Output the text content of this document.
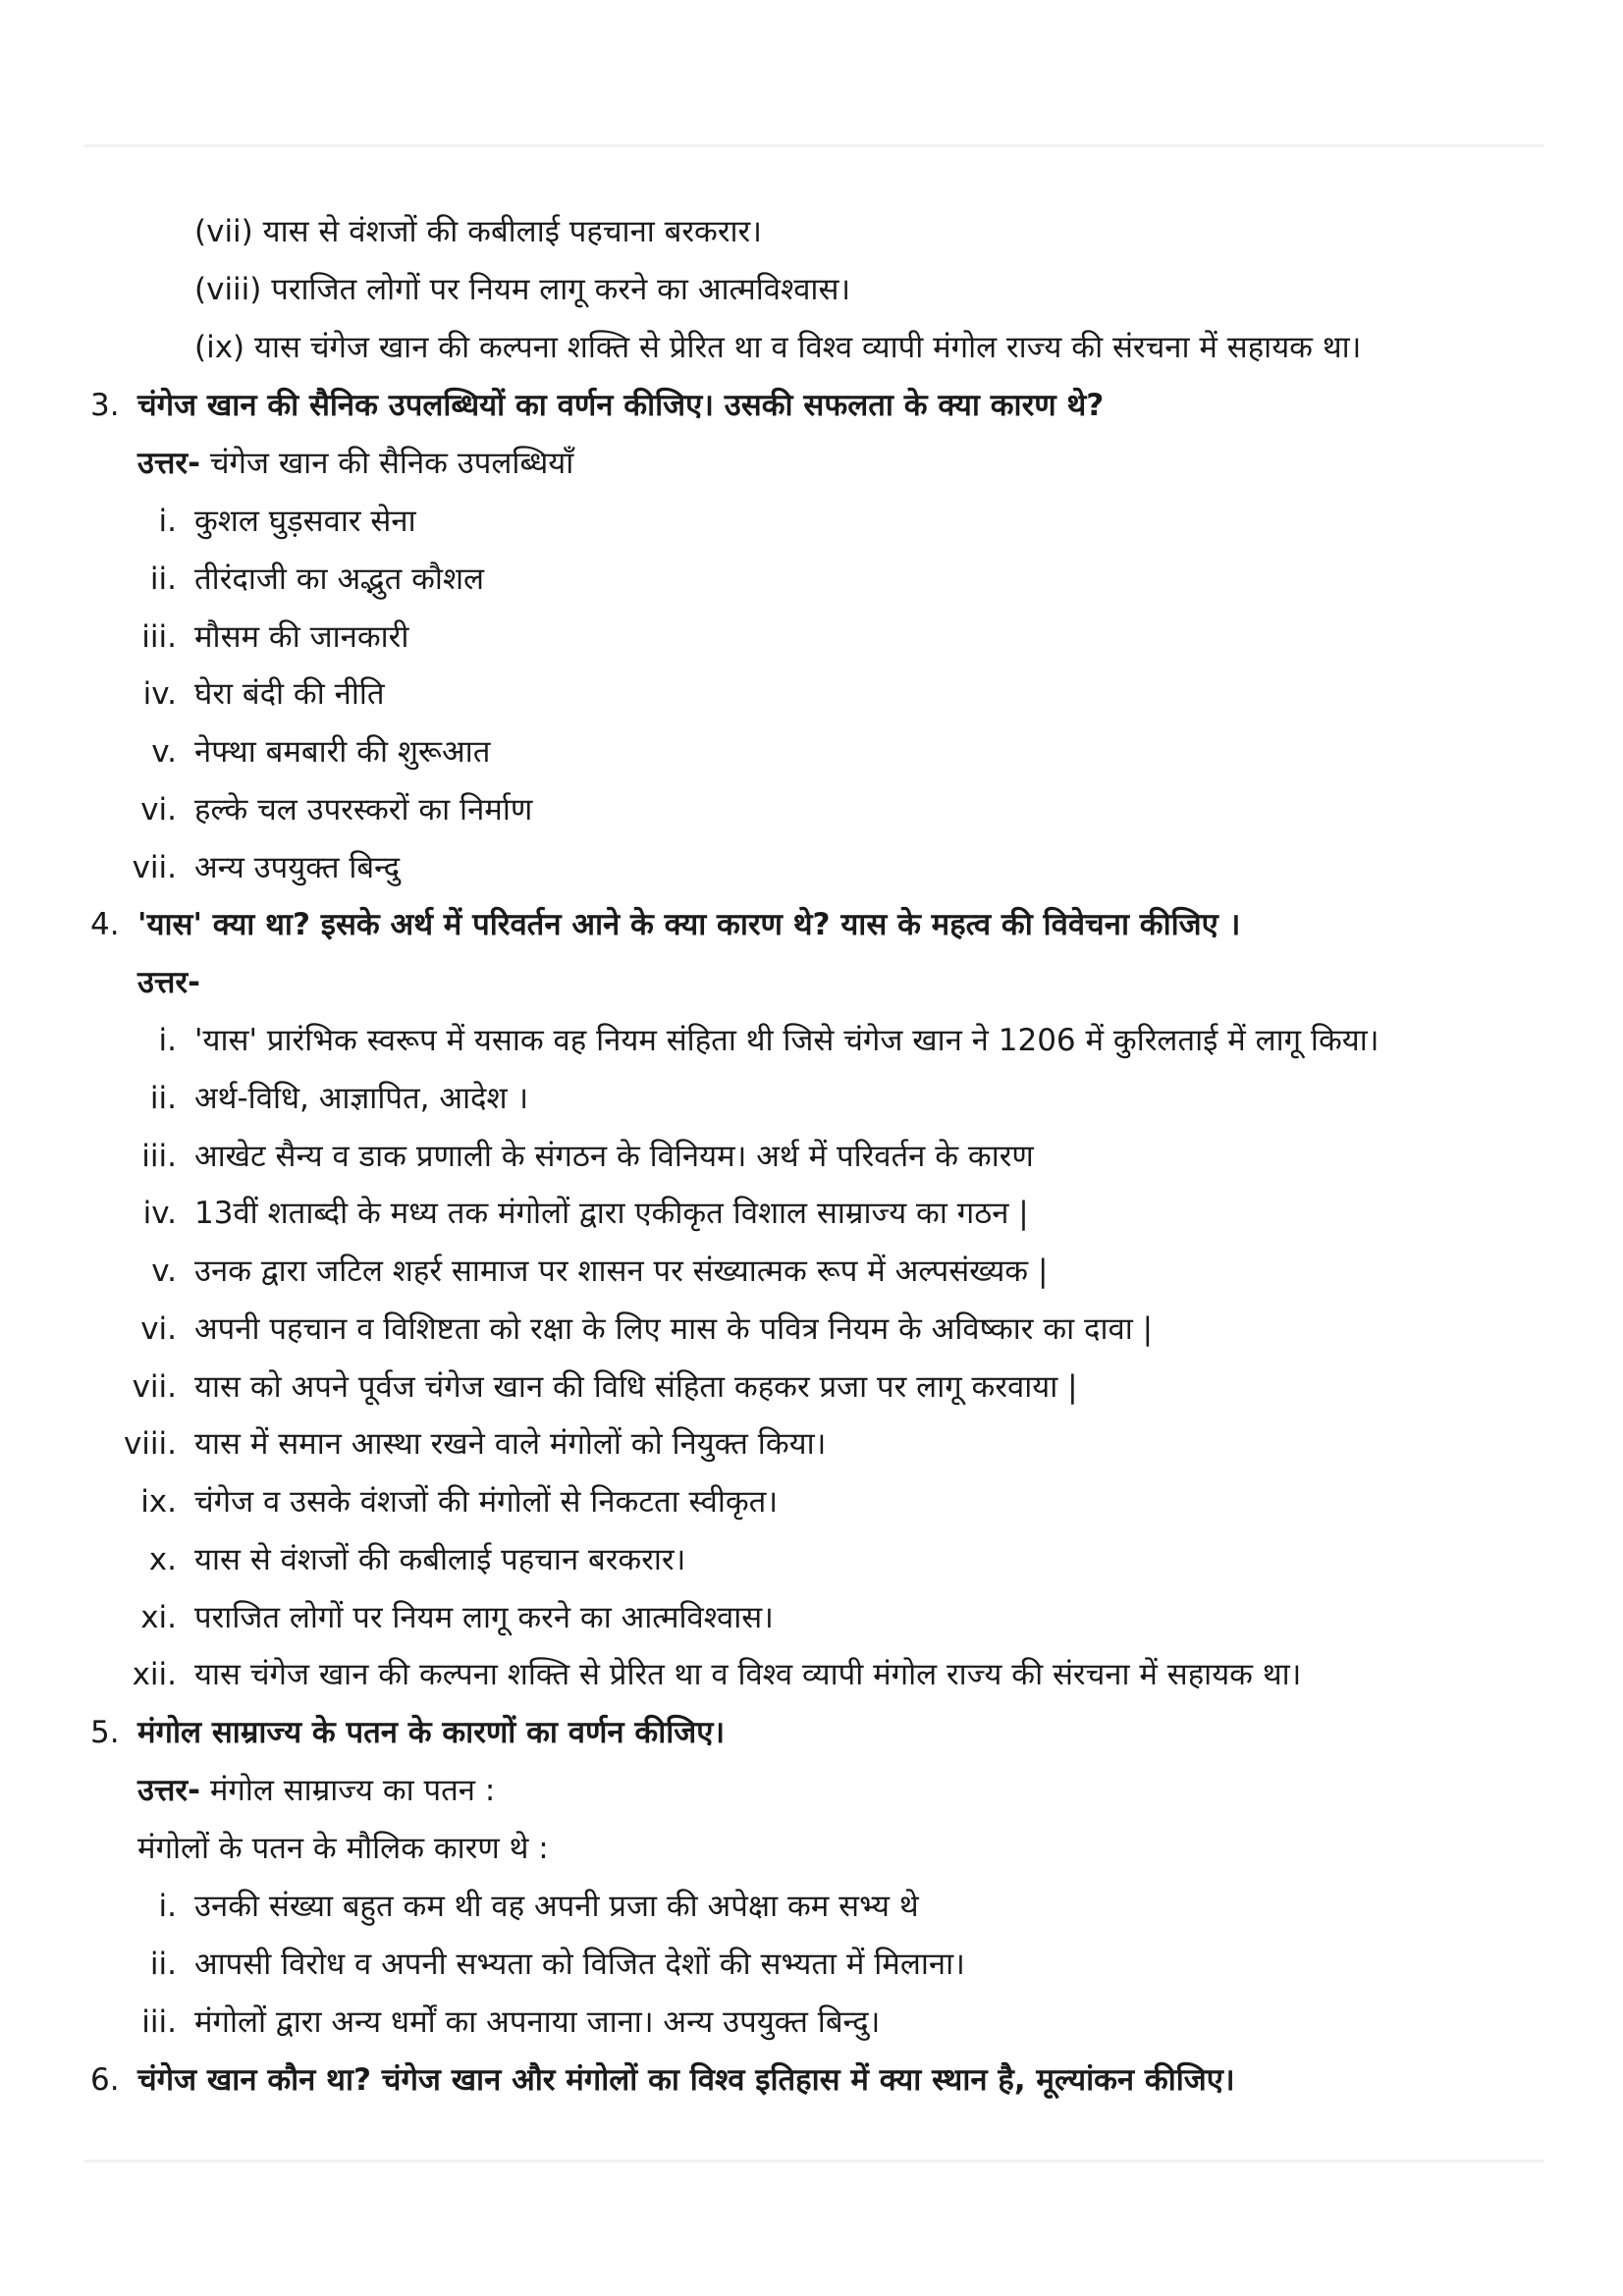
(vii) यास से वंशजों की कबीलाई पहचाना बरकरार।
(viii) पराजित लोगों पर नियम लागू करने का आत्मविश्वास।
(ix) यास चंगेज खान की कल्पना शक्ति से प्रेरित था व विश्व व्यापी मंगोल राज्य की संरचना में सहायक था।
3. चंगेज खान की सैनिक उपलब्धियों का वर्णन कीजिए। उसकी सफलता के क्या कारण थे?
उत्तर- चंगेज खान की सैनिक उपलब्धियाँ
i. कुशल घुड़सवार सेना
ii. तीरंदाजी का अद्भुत कौशल
iii. मौसम की जानकारी
iv. घेरा बंदी की नीति
v. नेफ्था बमबारी की शुरूआत
vi. हल्के चल उपरस्करों का निर्माण
vii. अन्य उपयुक्त बिन्दु
4. 'यास' क्या था? इसके अर्थ में परिवर्तन आने के क्या कारण थे? यास के महत्व की विवेचना कीजिए ।
उत्तर-
i. 'यास' प्रारंभिक स्वरूप में यसाक वह नियम संहिता थी जिसे चंगेज खान ने 1206 में कुरिलताई में लागू किया।
ii. अर्थ-विधि, आज्ञापित, आदेश ।
iii. आखेट सैन्य व डाक प्रणाली के संगठन के विनियम। अर्थ में परिवर्तन के कारण
iv. 13वीं शताब्दी के मध्य तक मंगोलों द्वारा एकीकृत विशाल साम्राज्य का गठन |
v. उनक द्वारा जटिल शहर्र सामाज पर शासन पर संख्यात्मक रूप में अल्पसंख्यक |
vi. अपनी पहचान व विशिष्टता को रक्षा के लिए मास के पवित्र नियम के अविष्कार का दावा |
vii. यास को अपने पूर्वज चंगेज खान की विधि संहिता कहकर प्रजा पर लागू करवाया |
viii. यास में समान आस्था रखने वाले मंगोलों को नियुक्त किया।
ix. चंगेज व उसके वंशजों की मंगोलों से निकटता स्वीकृत।
x. यास से वंशजों की कबीलाई पहचान बरकरार।
xi. पराजित लोगों पर नियम लागू करने का आत्मविश्वास।
xii. यास चंगेज खान की कल्पना शक्ति से प्रेरित था व विश्व व्यापी मंगोल राज्य की संरचना में सहायक था।
5. मंगोल साम्राज्य के पतन के कारणों का वर्णन कीजिए।
उत्तर- मंगोल साम्राज्य का पतन :
मंगोलों के पतन के मौलिक कारण थे :
i. उनकी संख्या बहुत कम थी वह अपनी प्रजा की अपेक्षा कम सभ्य थे
ii. आपसी विरोध व अपनी सभ्यता को विजित देशों की सभ्यता में मिलाना।
iii. मंगोलों द्वारा अन्य धर्मों का अपनाया जाना। अन्य उपयुक्त बिन्दु।
6. चंगेज खान कौन था? चंगेज खान और मंगोलों का विश्व इतिहास में क्या स्थान है, मूल्यांकन कीजिए।
